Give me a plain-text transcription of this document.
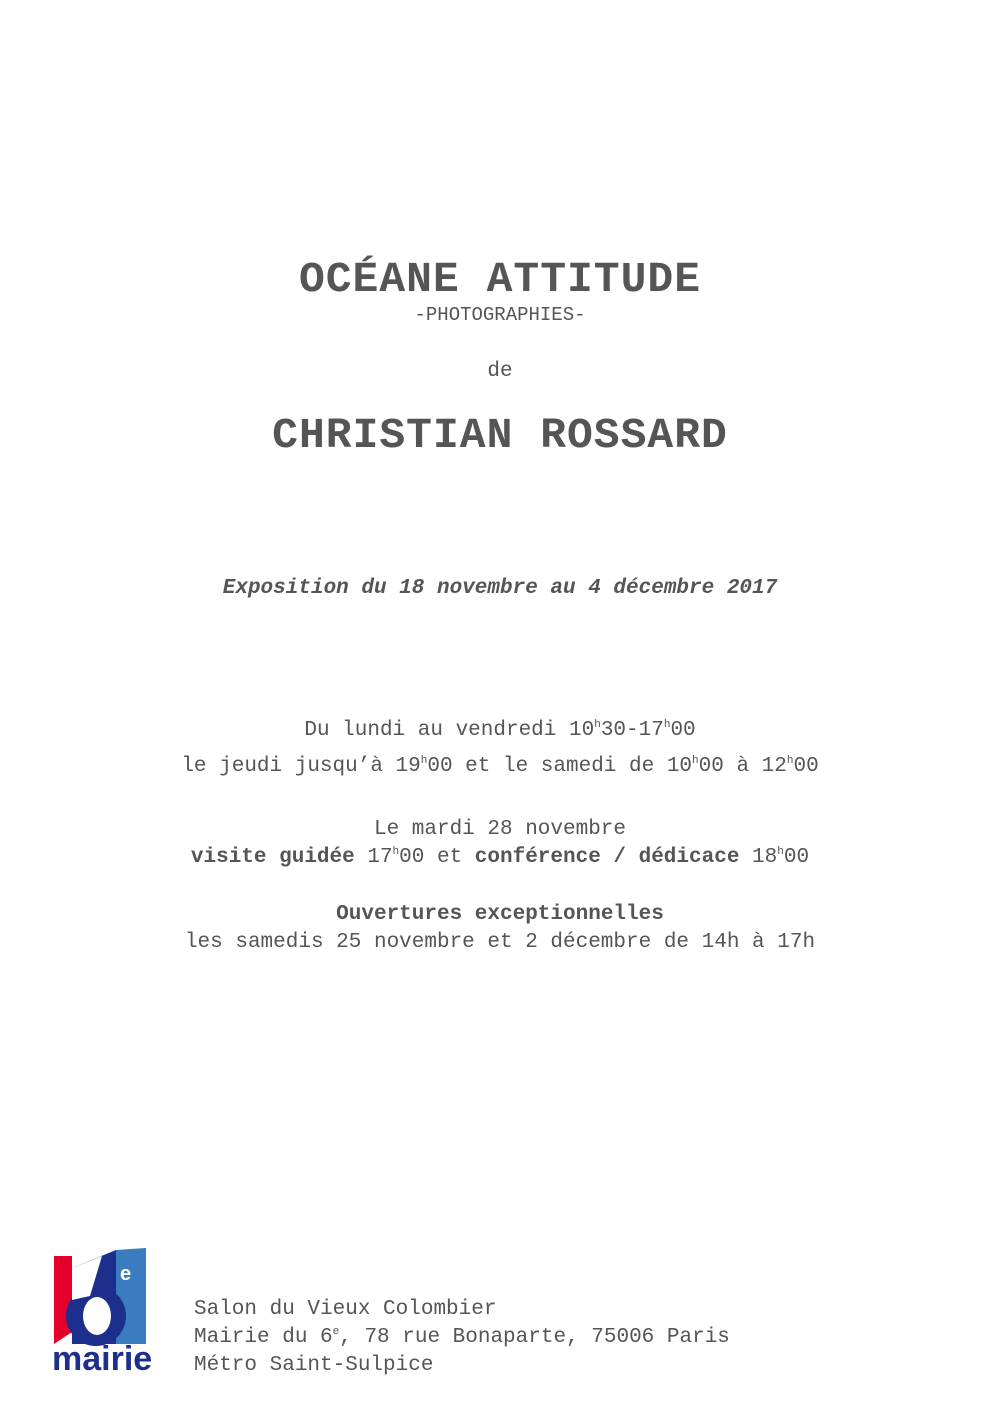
OCÉANE ATTITUDE
-PHOTOGRAPHIES-
de
CHRISTIAN ROSSARD
Exposition du 18 novembre au 4 décembre 2017
Du lundi au vendredi 10$^h$30-17$^h$00
le jeudi jusqu’à 19$^h$00 et le samedi de 10$^h$00 à 12$^h$00
Le mardi 28 novembre
visite guidée 17$^h$00 et conférence / dédicace 18$^h$00
Ouvertures exceptionnelles
les samedis 25 novembre et 2 décembre de 14h à 17h
e
mairie
Salon du Vieux Colombier
Mairie du 6e, 78 rue Bonaparte, 75006 Paris
Métro Saint-Sulpice
